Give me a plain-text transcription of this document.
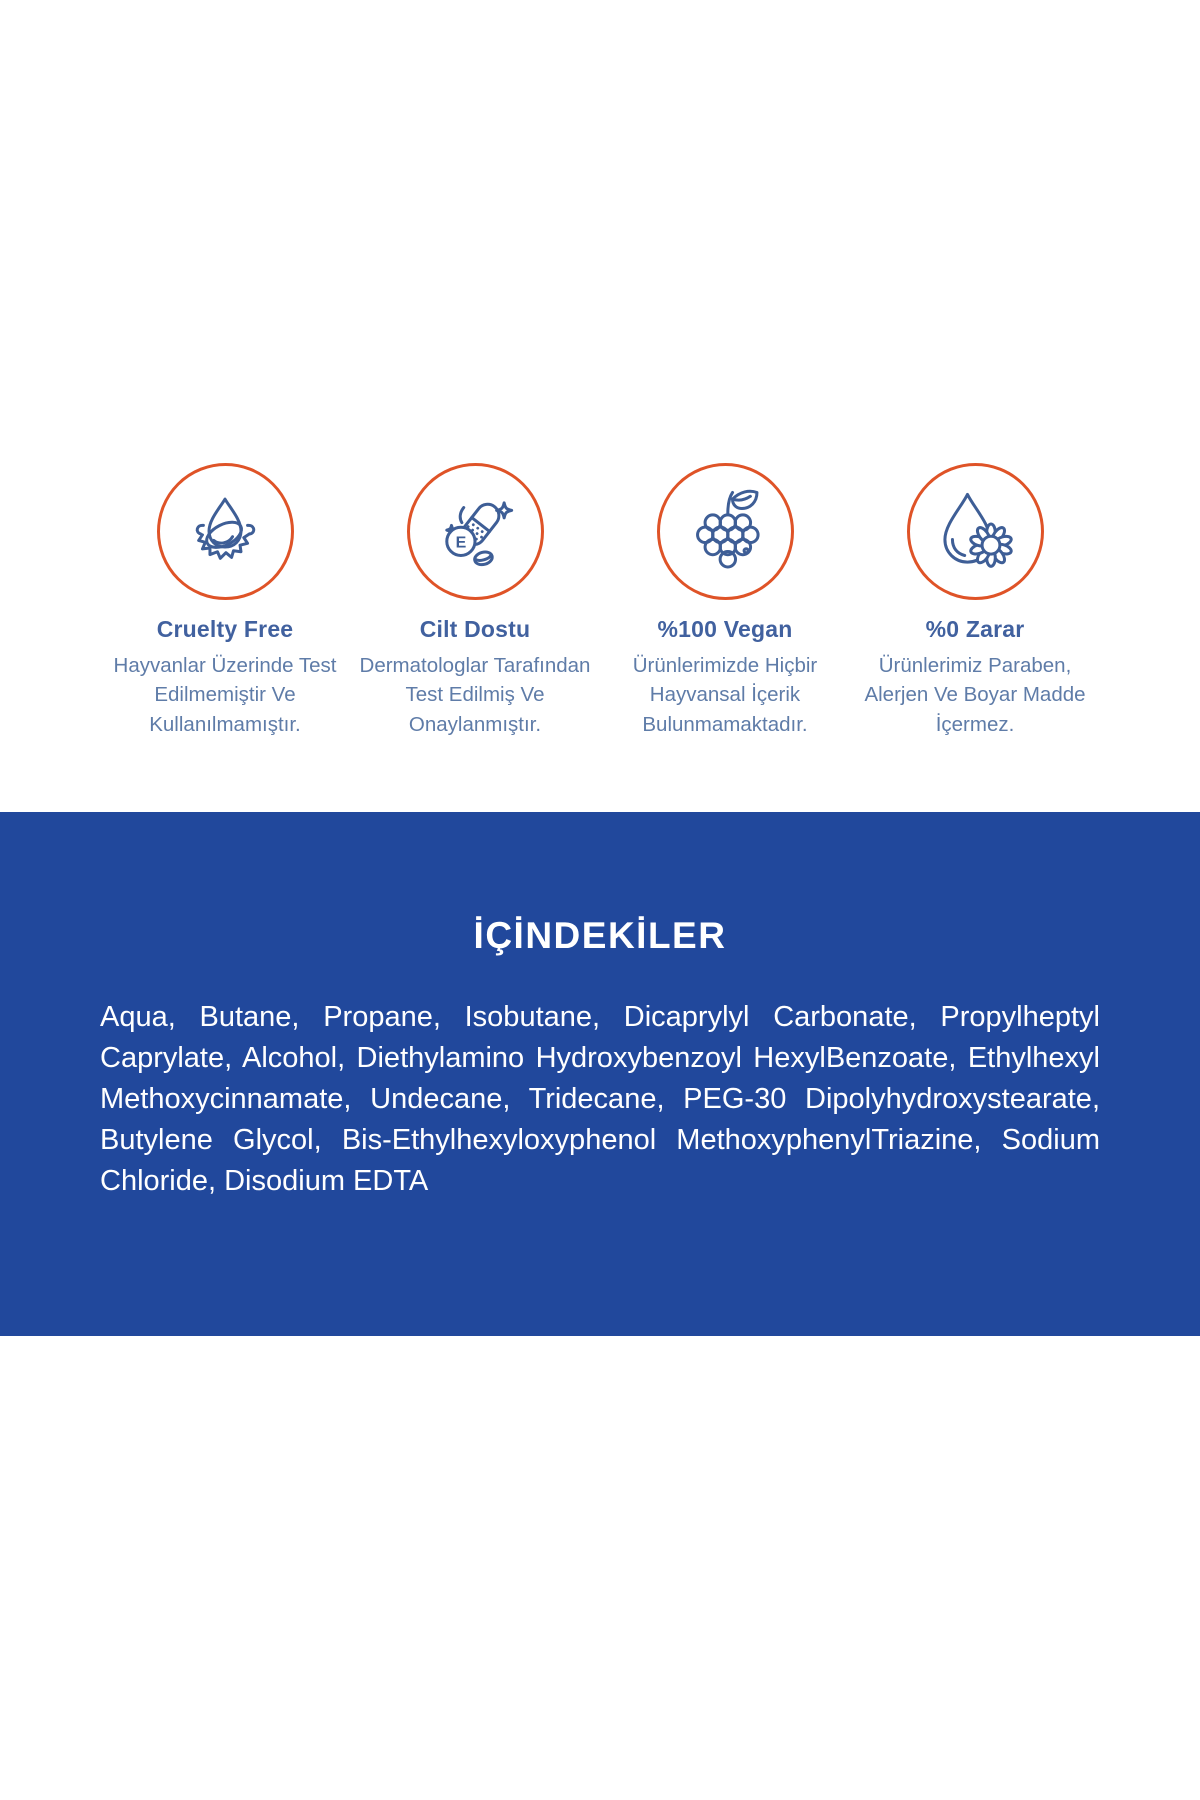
Cruelty Free
Hayvanlar Üzerinde Test Edilmemiştir Ve Kullanılmamıştır.
E
Cilt Dostu
Dermatologlar Tarafından Test Edilmiş Ve Onaylanmıştır.
%100 Vegan
Ürünlerimizde Hiçbir Hayvansal İçerik Bulunmamaktadır.
%0 Zarar
Ürünlerimiz Paraben, Alerjen Ve Boyar Madde İçermez.
İÇİNDEKİLER
Aqua, Butane, Propane, Isobutane, Dicaprylyl Carbonate, Propylheptyl Caprylate, Alcohol, Diethylamino Hydroxybenzoyl HexylBenzoate, Ethylhexyl Methoxycinnamate, Undecane, Tridecane, PEG-30 Dipolyhydroxystearate, Butylene Glycol, Bis-Ethylhexyloxyphenol MethoxyphenylTriazine, Sodium Chloride, Disodium EDTA
